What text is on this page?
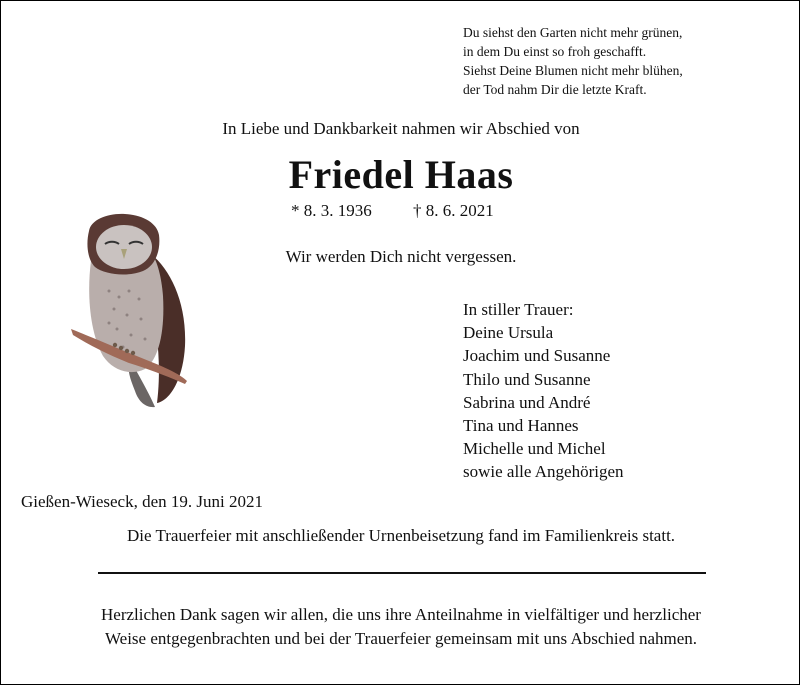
Du siehst den Garten nicht mehr grünen,
in dem Du einst so froh geschafft.
Siehst Deine Blumen nicht mehr blühen,
der Tod nahm Dir die letzte Kraft.
In Liebe und Dankbarkeit nahmen wir Abschied von
Friedel Haas
* 8. 3. 1936 † 8. 6. 2021
Wir werden Dich nicht vergessen.
In stiller Trauer:
Deine Ursula
Joachim und Susanne
Thilo und Susanne
Sabrina und André
Tina und Hannes
Michelle und Michel
sowie alle Angehörigen
Gießen-Wieseck, den 19. Juni 2021
Die Trauerfeier mit anschließender Urnenbeisetzung fand im Familienkreis statt.
Herzlichen Dank sagen wir allen, die uns ihre Anteilnahme in vielfältiger und herzlicher
Weise entgegenbrachten und bei der Trauerfeier gemeinsam mit uns Abschied nahmen.
